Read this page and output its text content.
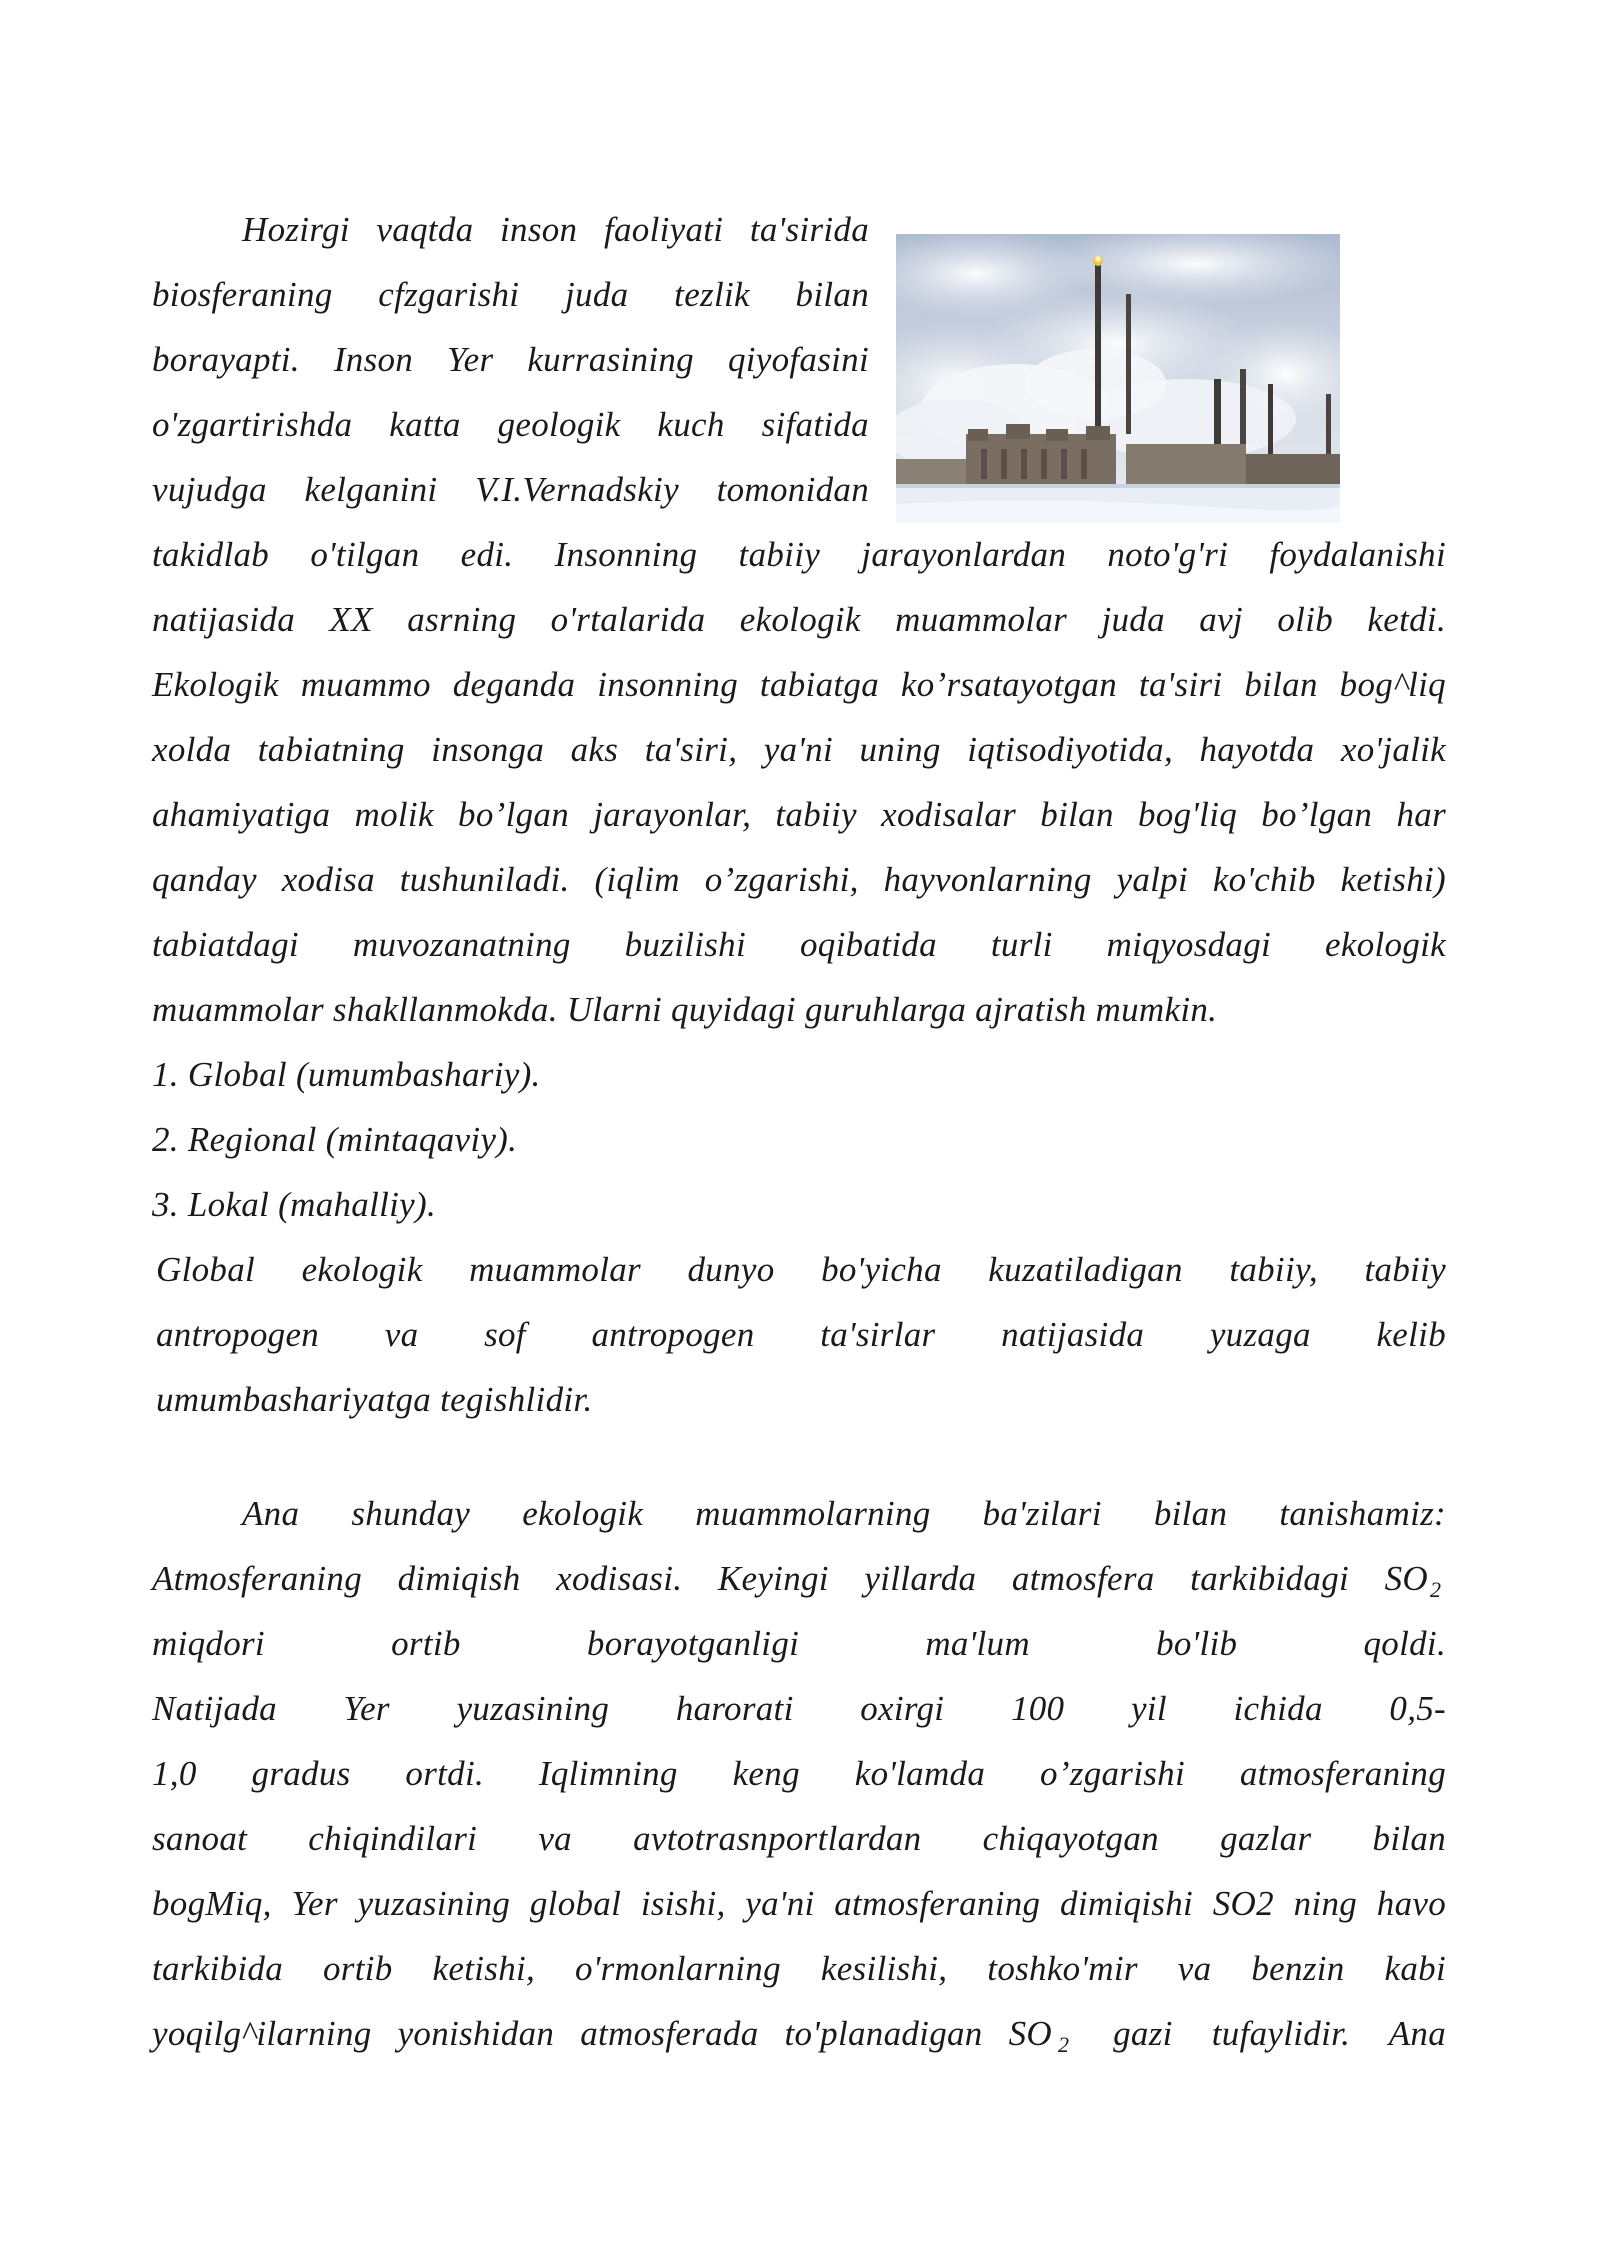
Hozirgi vaqtda inson faoliyati ta'sirida
biosferaning cfzgarishi juda tezlik bilan
borayapti. Inson Yer kurrasining qiyofasini
o'zgartirishda katta geologik kuch sifatida
vujudga kelganini V.I.Vernadskiy tomonidan
takidlab o'tilgan edi. Insonning tabiiy jarayonlardan noto'g'ri foydalanishi
natijasida XX asrning o'rtalarida ekologik muammolar juda avj olib ketdi.
Ekologik muammo deganda insonning tabiatga ko’rsatayotgan ta'siri bilan bog^liq
xolda tabiatning insonga aks ta'siri, ya'ni uning iqtisodiyotida, hayotda xo'jalik
ahamiyatiga molik bo’lgan jarayonlar, tabiiy xodisalar bilan bog'liq bo’lgan har
qanday xodisa tushuniladi. (iqlim o’zgarishi, hayvonlarning yalpi ko'chib ketishi)
tabiatdagi muvozanatning buzilishi oqibatida turli miqyosdagi ekologik
muammolar shakllanmokda. Ularni quyidagi guruhlarga ajratish mumkin.
1. Global (umumbashariy).
2. Regional (mintaqaviy).
3. Lokal (mahalliy).
Global ekologik muammolar dunyo bo'yicha kuzatiladigan tabiiy, tabiiy
antropogen va sof antropogen ta'sirlar natijasida yuzaga kelib
umumbashariyatga tegishlidir.
Ana shunday ekologik muammolarning ba'zilari bilan tanishamiz:
Atmosferaning dimiqish xodisasi. Keyingi yillarda atmosfera tarkibidagi SO 2
miqdori ortib borayotganligi ma'lum bo'lib qoldi.
Natijada Yer yuzasining harorati oxirgi 100 yil ichida 0,5-
1,0 gradus ortdi. Iqlimning keng ko'lamda o’zgarishi atmosferaning
sanoat chiqindilari va avtotrasnportlardan chiqayotgan gazlar bilan
bogMiq, Yer yuzasining global isishi, ya'ni atmosferaning dimiqishi SO2 ning havo
tarkibida ortib ketishi, o'rmonlarning kesilishi, toshko'mir va benzin kabi
yoqilg^ilarning yonishidan atmosferada to'planadigan SO 2 gazi tufaylidir. Ana
